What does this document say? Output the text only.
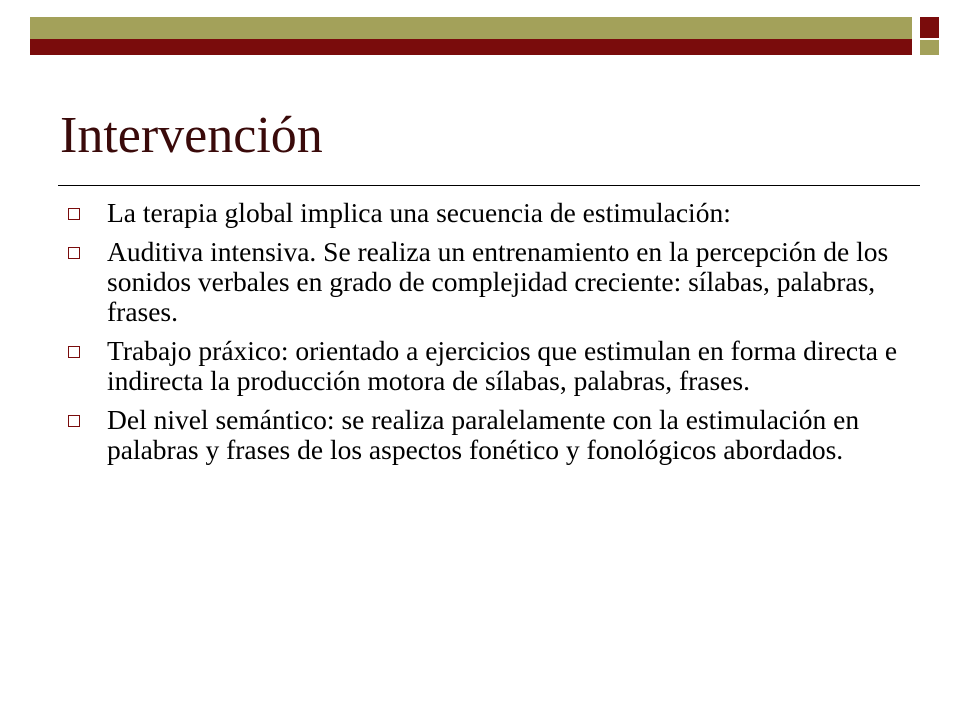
Intervención
La terapia global implica una secuencia de estimulación:
Auditiva intensiva. Se realiza un entrenamiento en la percepción de los sonidos verbales en grado de complejidad creciente: sílabas, palabras, frases.
Trabajo práxico: orientado a ejercicios que estimulan en forma directa e indirecta la producción motora de sílabas, palabras, frases.
Del nivel semántico: se realiza paralelamente con la estimulación en palabras y frases de los aspectos fonético y fonológicos abordados.
